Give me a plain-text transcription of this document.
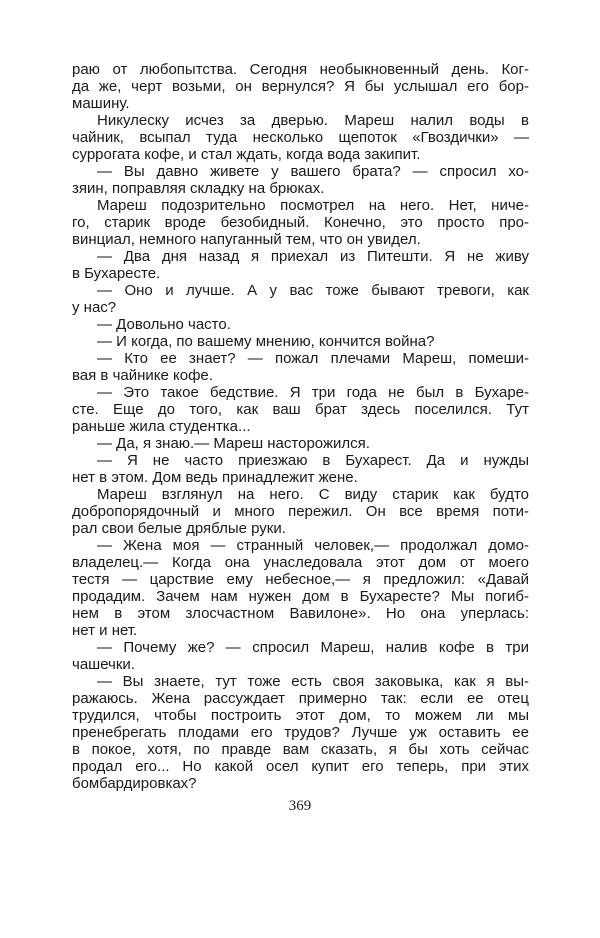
раю от любопытства. Сегодня необыкновенный день. Ког-
да же, черт возьми, он вернулся? Я бы услышал его бор-
машину.
Никулеску исчез за дверью. Мареш налил воды в
чайник, всыпал туда несколько щепоток «Гвоздички» —
суррогата кофе, и стал ждать, когда вода закипит.
— Вы давно живете у вашего брата? — спросил хо-
зяин, поправляя складку на брюках.
Мареш подозрительно посмотрел на него. Нет, ниче-
го, старик вроде безобидный. Конечно, это просто про-
винциал, немного напуганный тем, что он увидел.
— Два дня назад я приехал из Питешти. Я не живу
в Бухаресте.
— Оно и лучше. А у вас тоже бывают тревоги, как
у нас?
— Довольно часто.
— И когда, по вашему мнению, кончится война?
— Кто ее знает? — пожал плечами Мареш, помеши-
вая в чайнике кофе.
— Это такое бедствие. Я три года не был в Бухаре-
сте. Еще до того, как ваш брат здесь поселился. Тут
раньше жила студентка...
— Да, я знаю.— Мареш насторожился.
— Я не часто приезжаю в Бухарест. Да и нужды
нет в этом. Дом ведь принадлежит жене.
Мареш взглянул на него. С виду старик как будто
добропорядочный и много пережил. Он все время поти-
рал свои белые дряблые руки.
— Жена моя — странный человек,— продолжал домо-
владелец.— Когда она унаследовала этот дом от моего
тестя — царствие ему небесное,— я предложил: «Давай
продадим. Зачем нам нужен дом в Бухаресте? Мы погиб-
нем в этом злосчастном Вавилоне». Но она уперлась:
нет и нет.
— Почему же? — спросил Мареш, налив кофе в три
чашечки.
— Вы знаете, тут тоже есть своя заковыка, как я вы-
ражаюсь. Жена рассуждает примерно так: если ее отец
трудился, чтобы построить этот дом, то можем ли мы
пренебрегать плодами его трудов? Лучше уж оставить ее
в покое, хотя, по правде вам сказать, я бы хоть сейчас
продал его... Но какой осел купит его теперь, при этих
бомбардировках?
369
